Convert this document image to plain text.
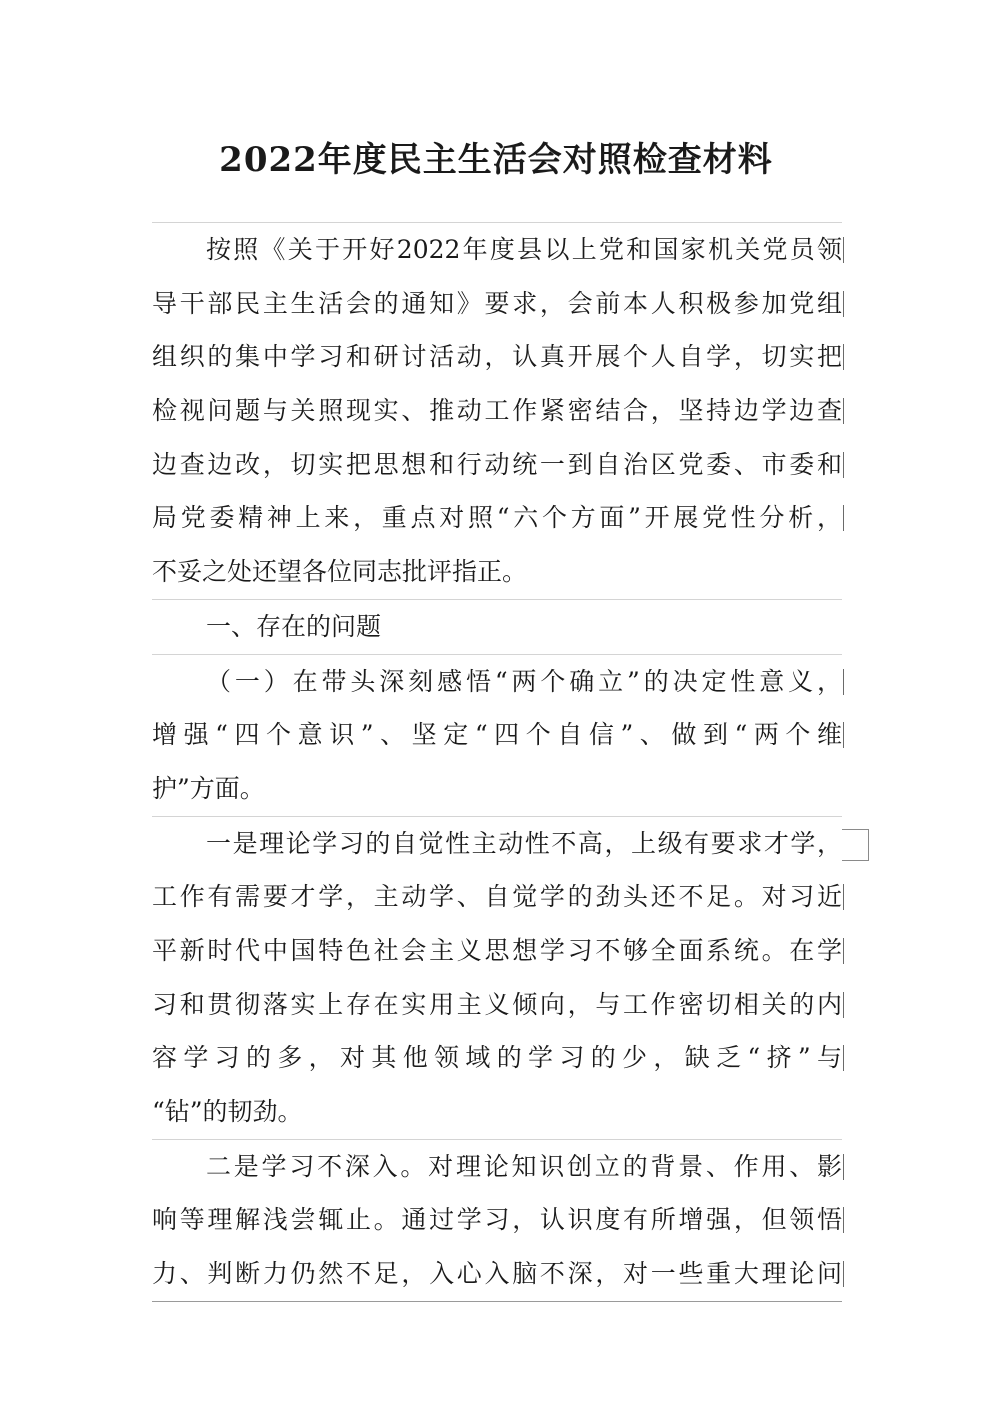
2022年度民主生活会对照检查材料
按照《关于开好2022年度县以上党和国家机关党员领
导干部民主生活会的通知》要求，会前本人积极参加党组
组织的集中学习和研讨活动，认真开展个人自学，切实把
检视问题与关照现实、推动工作紧密结合，坚持边学边查
边查边改，切实把思想和行动统一到自治区党委、市委和
局党委精神上来，重点对照“六个方面”开展党性分析，
不妥之处还望各位同志批评指正。
一、存在的问题
（一）在带头深刻感悟“两个确立”的决定性意义，
增强“四个意识”、坚定“四个自信”、做到“两个维
护”方面。
一是理论学习的自觉性主动性不高，上级有要求才学，
工作有需要才学，主动学、自觉学的劲头还不足。对习近
平新时代中国特色社会主义思想学习不够全面系统。在学
习和贯彻落实上存在实用主义倾向，与工作密切相关的内
容学习的多，对其他领域的学习的少，缺乏“挤”与
“钻”的韧劲。
二是学习不深入。对理论知识创立的背景、作用、影
响等理解浅尝辄止。通过学习，认识度有所增强，但领悟
力、判断力仍然不足，入心入脑不深，对一些重大理论问
